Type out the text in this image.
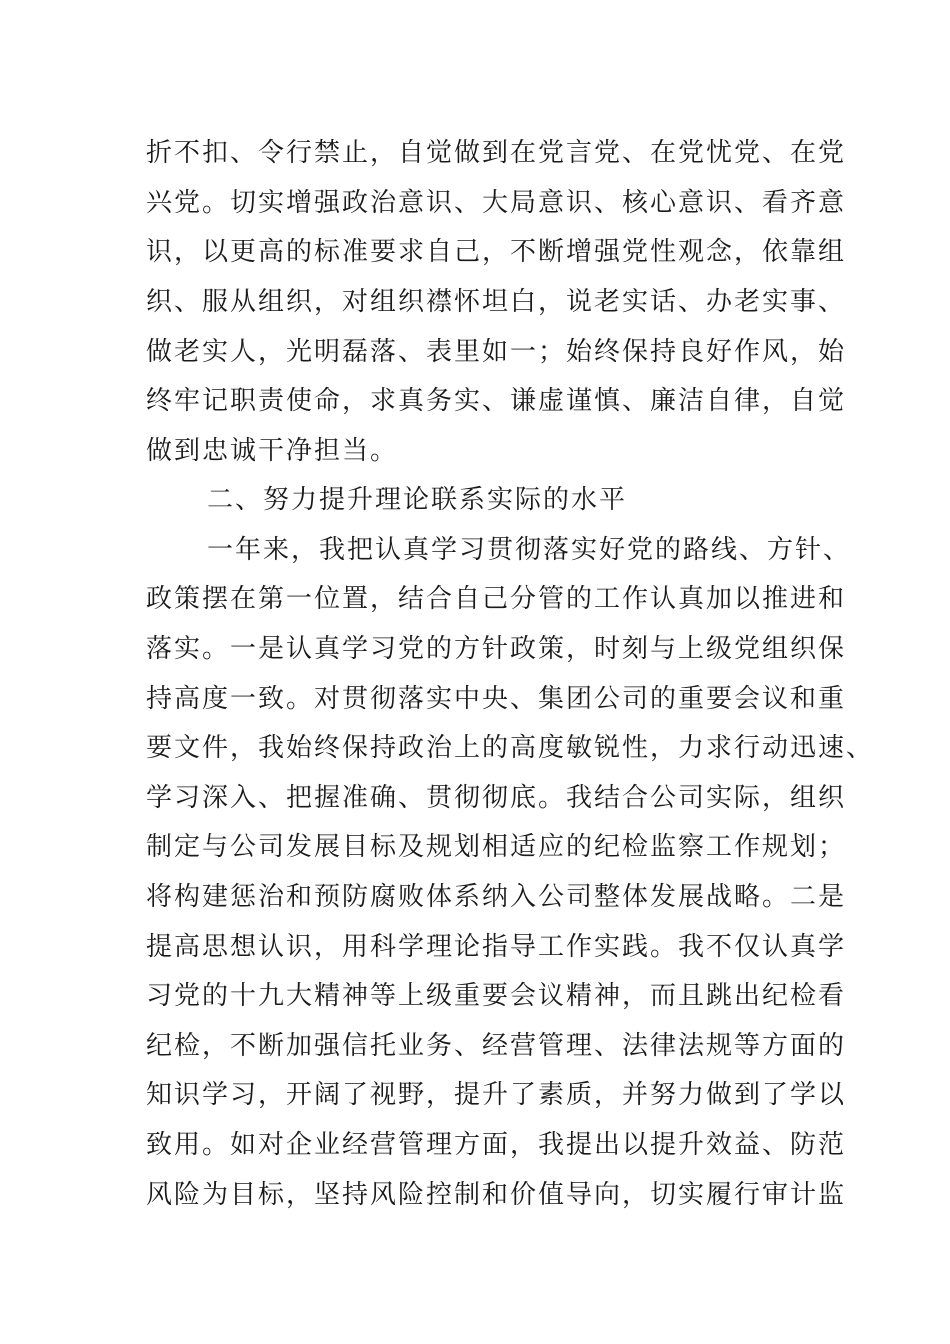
折不扣、令行禁止，自觉做到在党言党、在党忧党、在党
兴党。切实增强政治意识、大局意识、核心意识、看齐意
识，以更高的标准要求自己，不断增强党性观念，依靠组
织、服从组织，对组织襟怀坦白，说老实话、办老实事、
做老实人，光明磊落、表里如一；始终保持良好作风，始
终牢记职责使命，求真务实、谦虚谨慎、廉洁自律，自觉
做到忠诚干净担当。
二、努力提升理论联系实际的水平
一年来，我把认真学习贯彻落实好党的路线、方针、
政策摆在第一位置，结合自己分管的工作认真加以推进和
落实。一是认真学习党的方针政策，时刻与上级党组织保
持高度一致。对贯彻落实中央、集团公司的重要会议和重
要文件，我始终保持政治上的高度敏锐性，力求行动迅速、
学习深入、把握准确、贯彻彻底。我结合公司实际，组织
制定与公司发展目标及规划相适应的纪检监察工作规划；
将构建惩治和预防腐败体系纳入公司整体发展战略。二是
提高思想认识，用科学理论指导工作实践。我不仅认真学
习党的十九大精神等上级重要会议精神，而且跳出纪检看
纪检，不断加强信托业务、经营管理、法律法规等方面的
知识学习，开阔了视野，提升了素质，并努力做到了学以
致用。如对企业经营管理方面，我提出以提升效益、防范
风险为目标，坚持风险控制和价值导向，切实履行审计监
